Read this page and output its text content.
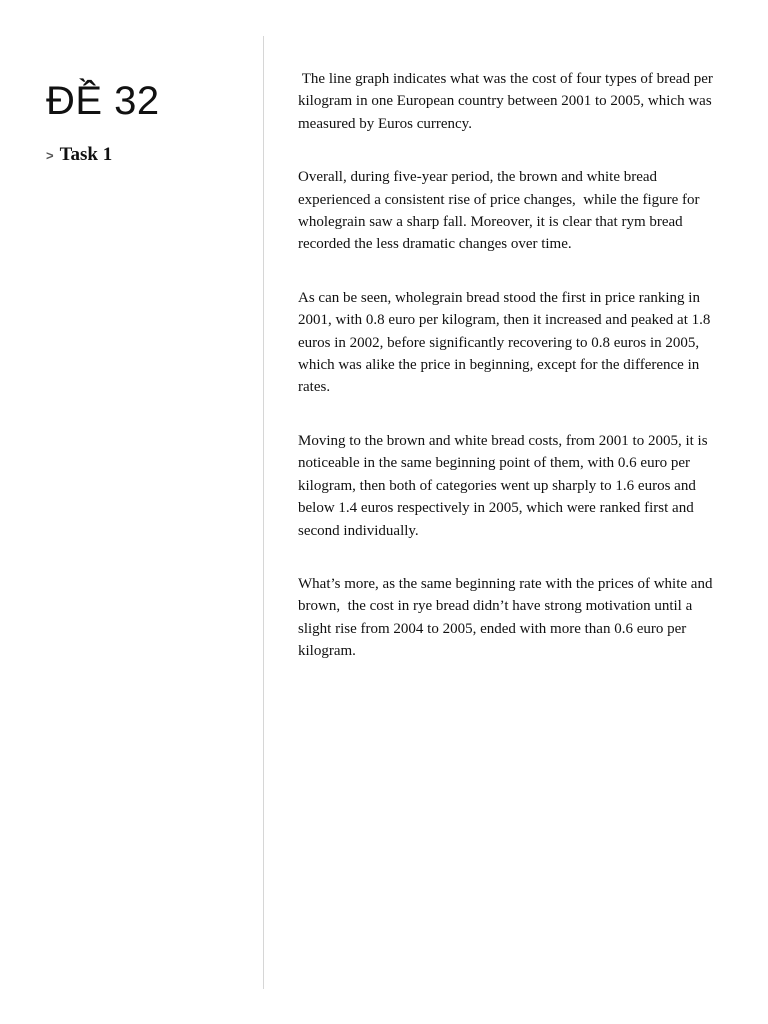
ĐỀ 32
> Task 1

The line graph indicates what was the cost of four types of bread per kilogram in one European country between 2001 to 2005, which was measured by Euros currency.

Overall, during five-year period, the brown and white bread experienced a consistent rise of price changes,  while the figure for wholegrain saw a sharp fall. Moreover, it is clear that rym bread recorded the less dramatic changes over time.

As can be seen, wholegrain bread stood the first in price ranking in 2001, with 0.8 euro per kilogram, then it increased and peaked at 1.8 euros in 2002, before significantly recovering to 0.8 euros in 2005, which was alike the price in beginning, except for the difference in rates.

Moving to the brown and white bread costs, from 2001 to 2005, it is noticeable in the same beginning point of them, with 0.6 euro per kilogram, then both of categories went up sharply to 1.6 euros and below 1.4 euros respectively in 2005, which were ranked first and second individually.

What’s more, as the same beginning rate with the prices of white and brown,  the cost in rye bread didn’t have strong motivation until a slight rise from 2004 to 2005, ended with more than 0.6 euro per kilogram.
